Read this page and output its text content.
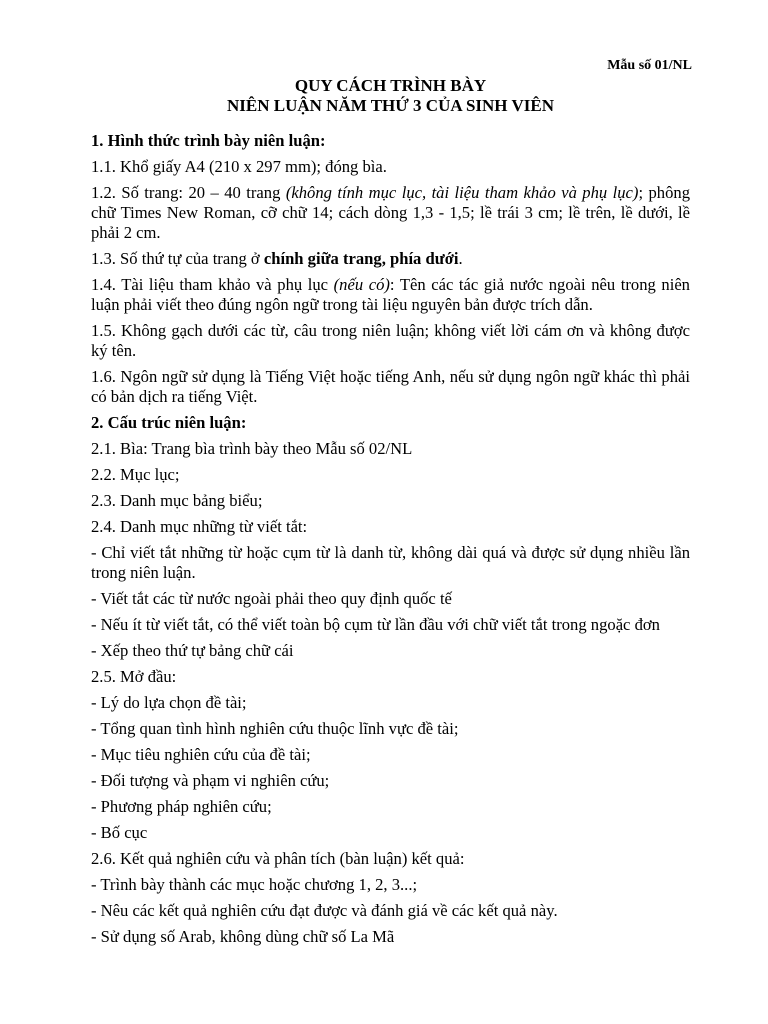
Mẫu số 01/NL
QUY CÁCH TRÌNH BÀY
NIÊN LUẬN NĂM THỨ 3 CỦA SINH VIÊN

1. Hình thức trình bày niên luận:

1.1. Khổ giấy A4 (210 x 297 mm); đóng bìa.

1.2. Số trang: 20 – 40 trang (không tính mục lục, tài liệu tham khảo và phụ lục); phông chữ Times New Roman, cỡ chữ 14; cách dòng 1,3 - 1,5; lề trái 3 cm; lề trên, lề dưới, lề phải 2 cm.

1.3. Số thứ tự của trang ở chính giữa trang, phía dưới.

1.4. Tài liệu tham khảo và phụ lục (nếu có): Tên các tác giả nước ngoài nêu trong niên luận phải viết theo đúng ngôn ngữ trong tài liệu nguyên bản được trích dẫn.

1.5. Không gạch dưới các từ, câu trong niên luận; không viết lời cám ơn và không được ký tên.

1.6. Ngôn ngữ sử dụng là Tiếng Việt hoặc tiếng Anh, nếu sử dụng ngôn ngữ khác thì phải có bản dịch ra tiếng Việt.

2. Cấu trúc niên luận:

2.1. Bìa: Trang bìa trình bày theo Mẫu số 02/NL

2.2. Mục lục;

2.3. Danh mục bảng biểu;

2.4. Danh mục những từ viết tắt:

- Chỉ viết tắt những từ hoặc cụm từ là danh từ, không dài quá và được sử dụng nhiều lần trong niên luận.

- Viết tắt các từ nước ngoài phải theo quy định quốc tế

- Nếu ít từ viết tắt, có thể viết toàn bộ cụm từ lần đầu với chữ viết tắt trong ngoặc đơn

- Xếp theo thứ tự bảng chữ cái

2.5. Mở đầu:

- Lý do lựa chọn đề tài;

- Tổng quan tình hình nghiên cứu thuộc lĩnh vực đề tài;

- Mục tiêu nghiên cứu của đề tài;

- Đối tượng và phạm vi nghiên cứu;

- Phương pháp nghiên cứu;

- Bố cục

2.6. Kết quả nghiên cứu và phân tích (bàn luận) kết quả:

- Trình bày thành các mục hoặc chương 1, 2, 3...;

- Nêu các kết quả nghiên cứu đạt được và đánh giá về các kết quả này.

- Sử dụng số Arab, không dùng chữ số La Mã
